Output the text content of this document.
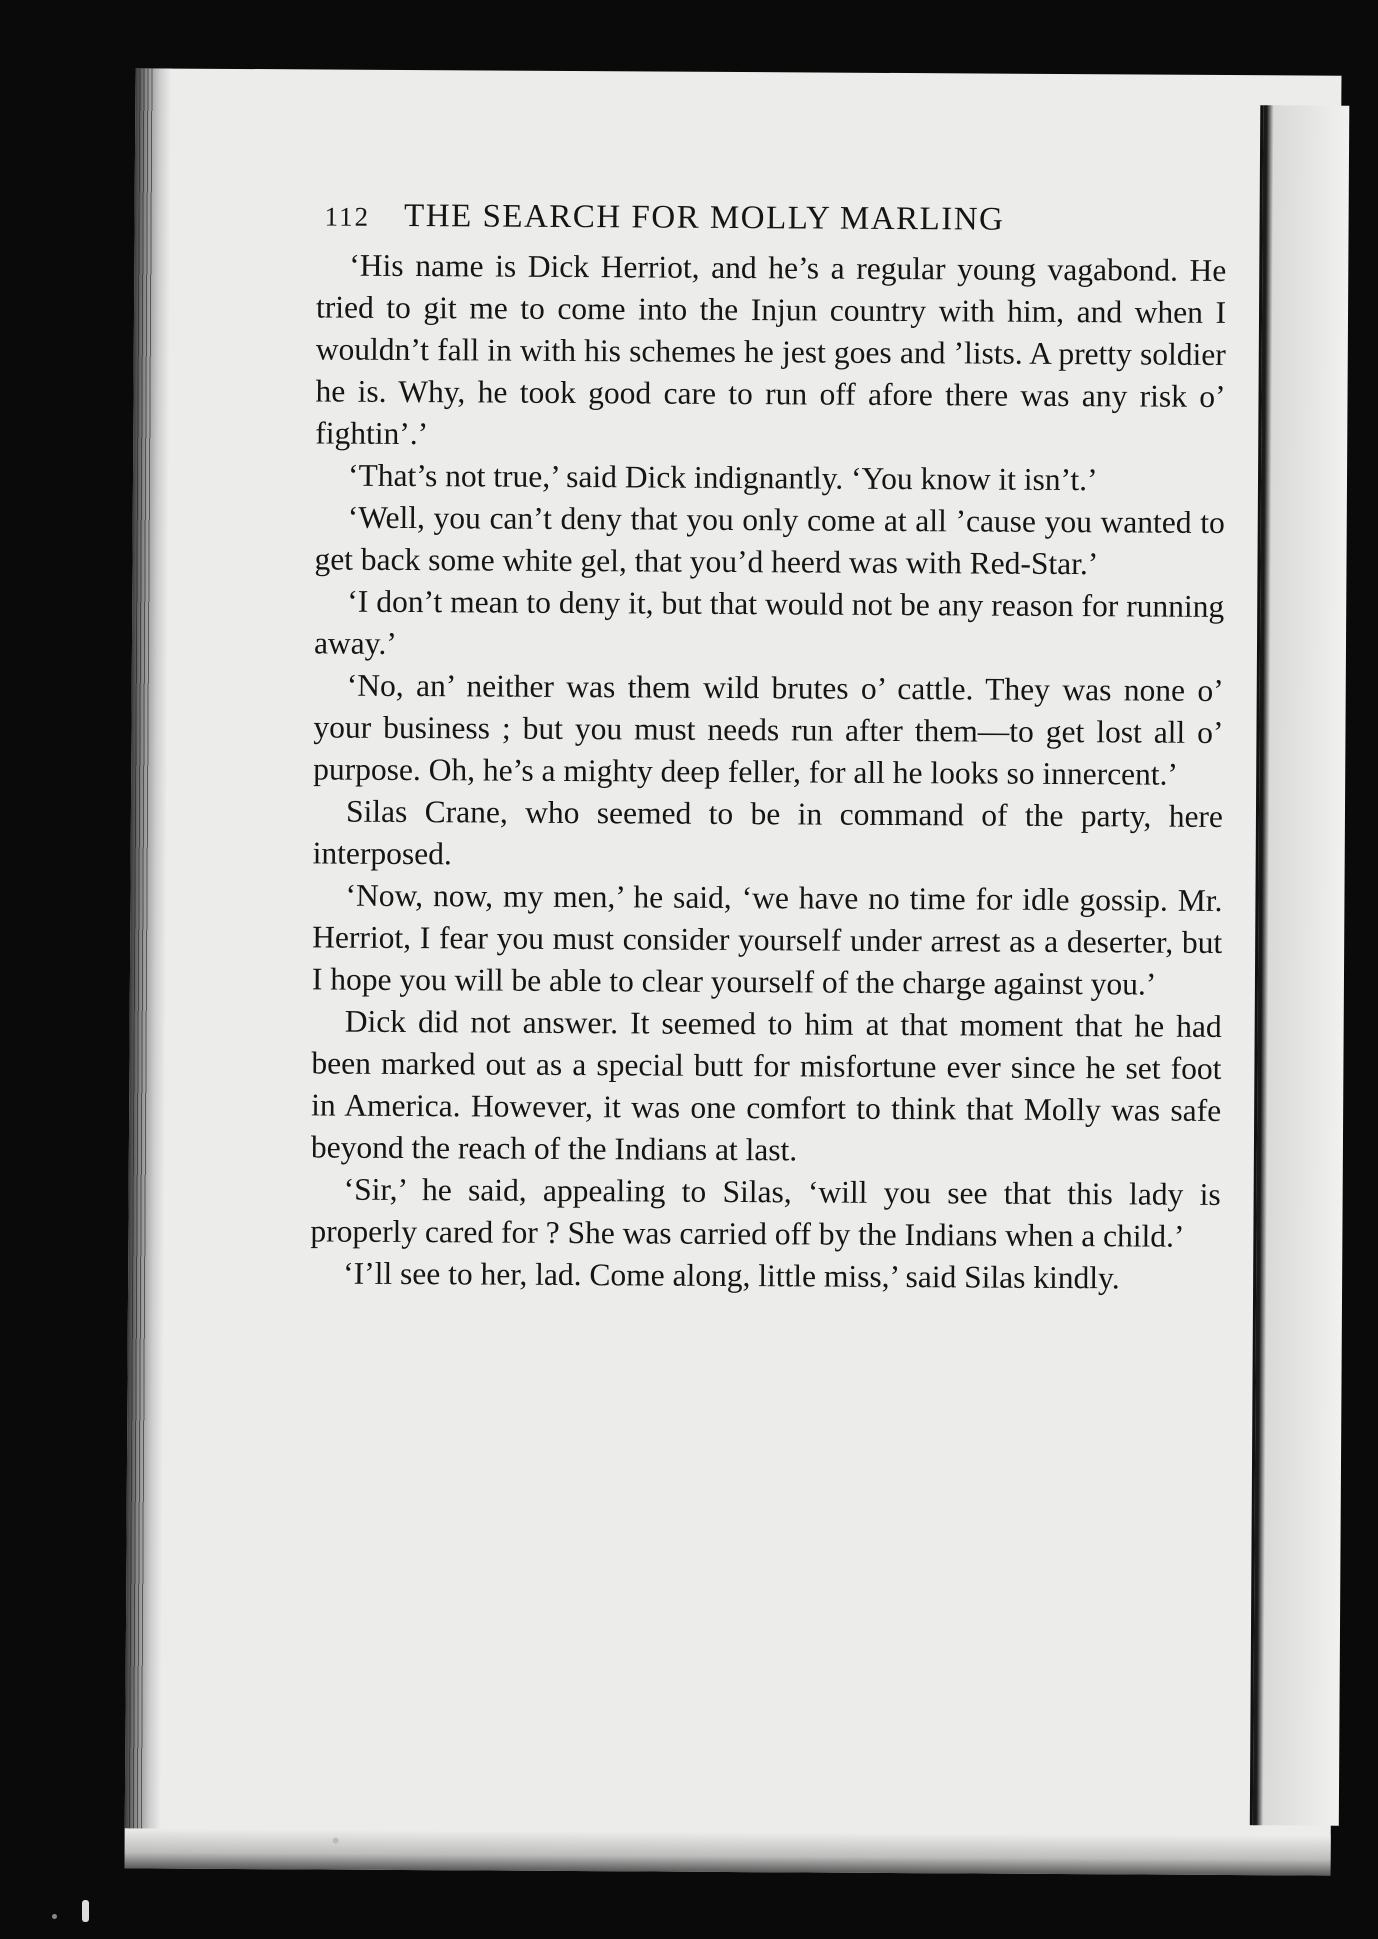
112 THE SEARCH FOR MOLLY MARLING

‘His name is Dick Herriot, and he’s a regular young vagabond. He tried to git me to come into the Injun country with him, and when I wouldn’t fall in with his schemes he jest goes and ’lists. A pretty soldier he is. Why, he took good care to run off afore there was any risk o’ fightin’.’

‘That’s not true,’ said Dick indignantly. ‘You know it isn’t.’

‘Well, you can’t deny that you only come at all ’cause you wanted to get back some white gel, that you’d heerd was with Red-Star.’

‘I don’t mean to deny it, but that would not be any reason for running away.’

‘No, an’ neither was them wild brutes o’ cattle. They was none o’ your business ; but you must needs run after them—to get lost all o’ purpose. Oh, he’s a mighty deep feller, for all he looks so innercent.’

Silas Crane, who seemed to be in command of the party, here interposed.

‘Now, now, my men,’ he said, ‘we have no time for idle gossip. Mr. Herriot, I fear you must consider yourself under arrest as a deserter, but I hope you will be able to clear yourself of the charge against you.’

Dick did not answer. It seemed to him at that moment that he had been marked out as a special butt for misfortune ever since he set foot in America. However, it was one comfort to think that Molly was safe beyond the reach of the Indians at last.

‘Sir,’ he said, appealing to Silas, ‘will you see that this lady is properly cared for ? She was carried off by the Indians when a child.’

‘I’ll see to her, lad. Come along, little miss,’ said Silas kindly.
